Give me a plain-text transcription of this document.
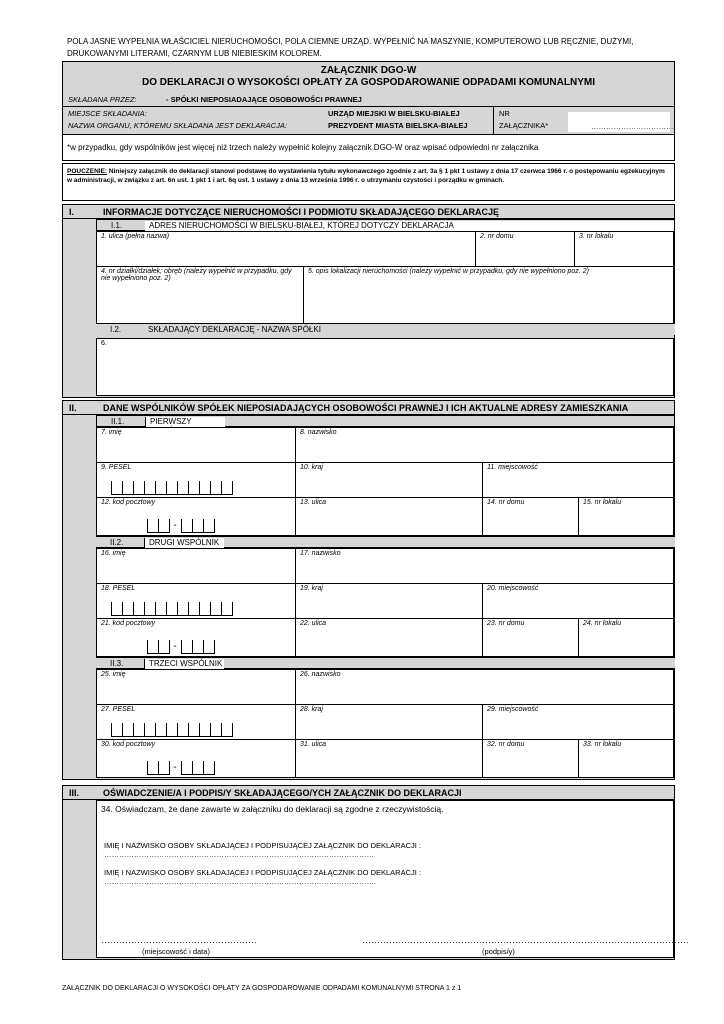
POLA JASNE WYPEŁNIA WŁAŚCICIEL NIERUCHOMOŚCI, POLA CIEMNE URZĄD. WYPEŁNIĆ NA MASZYNIE, KOMPUTEROWO LUB RĘCZNIE, DUŻYMI, DRUKOWANYMI LITERAMI, CZARNYM LUB NIEBIESKIM KOLOREM.
ZAŁĄCZNIK DGO-W
DO DEKLARACJI O WYSOKOŚCI OPŁATY ZA GOSPODAROWANIE ODPADAMI KOMUNALNYMI
SKŁADANA PRZEZ:	- SPÓŁKI NIEPOSIADAJĄCE OSOBOWOŚCI PRAWNEJ
MIEJSCE SKŁADANIA:	URZĄD MIEJSKI W BIELSKU-BIAŁEJ
NAZWA ORGANU, KTÓREMU SKŁADANA JEST DEKLARACJA:	PREZYDENT MIASTA BIELSKA-BIAŁEJ
NR
ZAŁĄCZNIKA*	……………………………
*w przypadku, gdy wspólników jest więcej niż trzech należy wypełnić kolejny załącznik DGO-W oraz wpisać odpowiedni nr załącznika
POUCZENIE: Niniejszy załącznik do deklaracji stanowi podstawę do wystawienia tytułu wykonawczego zgodnie z art. 3a § 1 pkt 1 ustawy z dnia 17 czerwca 1966 r. o postępowaniu egzekucyjnym w administracji, w związku z art. 6n ust. 1 pkt 1 i art. 6q ust. 1 ustawy z dnia 13 września 1996 r. o utrzymaniu czystości i porządku w gminach.
I.	INFORMACJE DOTYCZĄCE NIERUCHOMOŚCI I PODMIOTU SKŁADAJĄCEGO DEKLARACJĘ
I.1.	ADRES NIERUCHOMOŚCI W BIELSKU-BIAŁEJ, KTÓREJ DOTYCZY DEKLARACJA
1. ulica (pełna nazwa)	2. nr domu	3. nr lokalu
4. nr działki/działek; obręb (należy wypełnić w przypadku, gdy nie wypełniono poz. 2)
5. opis lokalizacji nieruchomości (należy wypełnić w przypadku, gdy nie wypełniono poz. 2)
I.2.	SKŁADAJĄCY DEKLARACJĘ - NAZWA SPÓŁKI
6.
II.	DANE WSPÓLNIKÓW SPÓŁEK NIEPOSIADAJĄCYCH OSOBOWOŚCI PRAWNEJ I ICH AKTUALNE ADRESY ZAMIESZKANIA
II.1.	PIERWSZY
7. imię	8. nazwisko
9. PESEL	10. kraj	11. miejscowość
12. kod pocztowy
-
13. ulica	14. nr domu	15. nr lokalu
II.2.	DRUGI WSPÓLNIK
16. imię	17. nazwisko
18. PESEL	19. kraj	20. miejscowość
21. kod pocztowy
-
22. ulica	23. nr domu	24. nr lokalu
II.3.	TRZECI WSPÓLNIK
25. imię	26. nazwisko
27. PESEL	28. kraj	29. miejscowość
30. kod pocztowy
-
31. ulica	32. nr domu	33. nr lokalu
III.	OŚWIADCZENIE/A I PODPIS/Y SKŁADAJĄCEGO/YCH ZAŁĄCZNIK DO DEKLARACJI
34. Oświadczam, że dane zawarte w załączniku do deklaracji są zgodne z rzeczywistością.
IMIĘ I NAZWISKO OSOBY SKŁADAJĄCEJ I PODPISUJĄCEJ ZAŁĄCZNIK DO DEKLARACJI : ………………………………………………………………………………………………
IMIĘ I NAZWISKO OSOBY SKŁADAJĄCEJ I PODPISUJĄCEJ ZAŁĄCZNIK DO DEKLARACJI : ……………………………………………………………………………………………….
…………………………………………….	……………………………………………………………………………………………….
(miejscowość i data)	(podpis/y)
ZAŁĄCZNIK DO DEKLARACJI O WYSOKOŚCI OPŁATY ZA GOSPODAROWANIE ODPADAMI KOMUNALNYMI STRONA 1 z 1
